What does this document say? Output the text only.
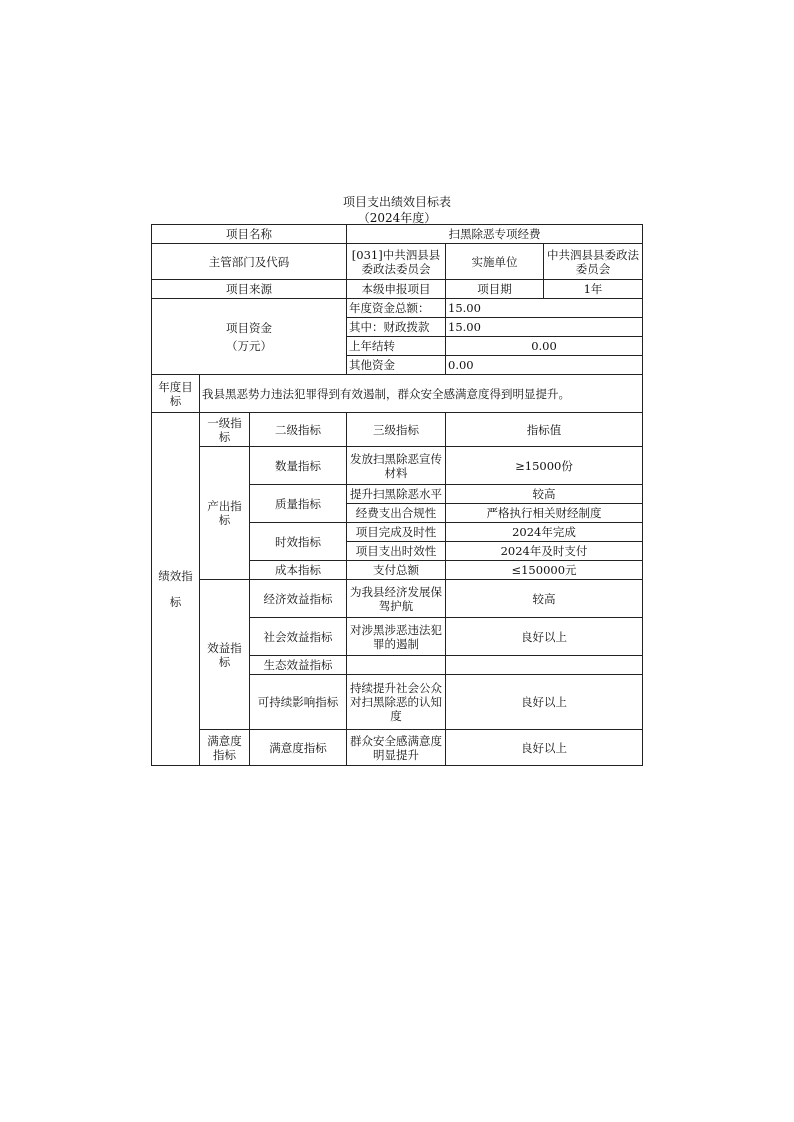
项目支出绩效目标表
（2024年度）
项目名称			扫黑除恶专项经费		
主管部门及代码			[031]中共泗县县委政法委员会	实施单位	中共泗县县委政法委员会
项目来源			本级申报项目	项目期	1年

项目资金
（万元）			年度资金总额：	15.00	
			其中：财政拨款	15.00	
			上年结转	0.00	
			其他资金	0.00	
年度目标	我县黑恶势力违法犯罪得到有效遏制，群众安全感满意度得到明显提升。				
绩效指标	一级指标	二级指标	三级指标	指标值	
	产出指标	数量指标	发放扫黑除恶宣传材料	≥15000份	
		质量指标	提升扫黑除恶水平	较高	
			经费支出合规性	严格执行相关财经制度	
		时效指标	项目完成及时性	2024年完成	
			项目支出时效性	2024年及时支付	
		成本指标	支付总额	≤150000元	
	效益指标	经济效益指标	为我县经济发展保驾护航	较高	
		社会效益指标	对涉黑涉恶违法犯罪的遏制	良好以上	
		生态效益指标			
		可持续影响指标	持续提升社会公众对扫黑除恶的认知度	良好以上	
	满意度指标	满意度指标	群众安全感满意度明显提升	良好以上	
